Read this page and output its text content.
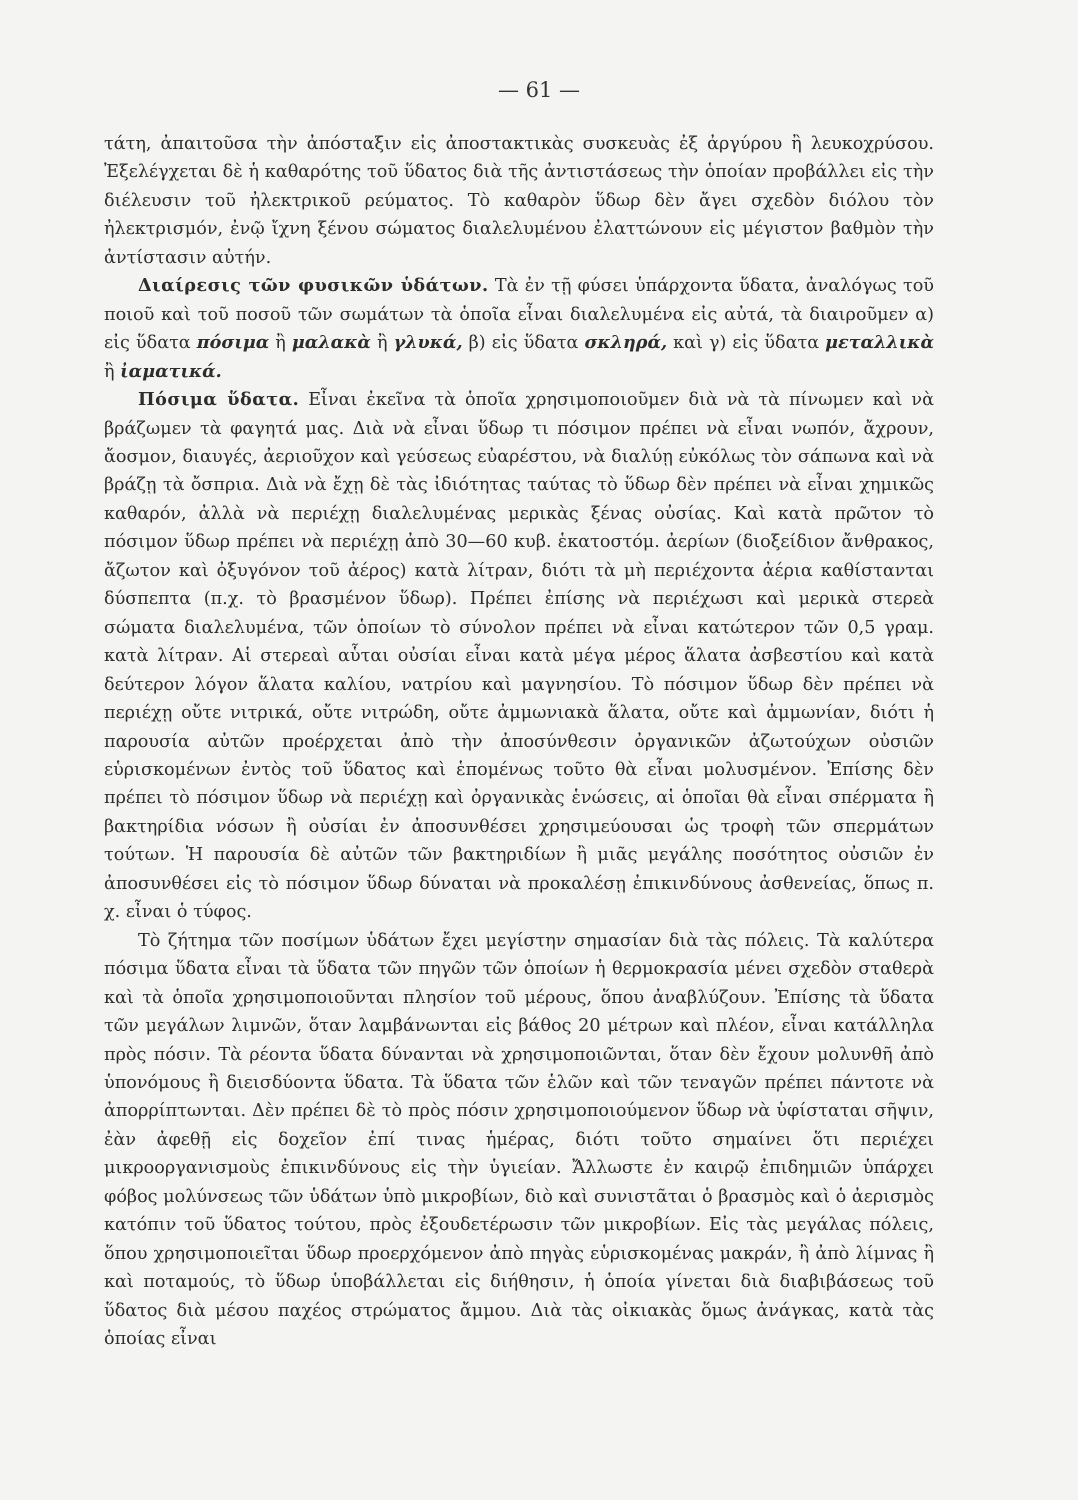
— 61 —

τάτη, ἀπαιτοῦσα τὴν ἀπόσταξιν εἰς ἀποστακτικὰς συσκευὰς ἐξ ἀργύρου ἢ λευκοχρύσου. Ἐξελέγχεται δὲ ἡ καθαρότης τοῦ ὕδατος διὰ τῆς ἀντιστάσεως τὴν ὁποίαν προβάλλει εἰς τὴν διέλευσιν τοῦ ἠλεκτρικοῦ ρεύματος. Τὸ καθαρὸν ὕδωρ δὲν ἄγει σχεδὸν διόλου τὸν ἠλεκτρισμόν, ἐνῷ ἴχνη ξένου σώματος διαλελυμένου ἐλαττώνουν εἰς μέγιστον βαθμὸν τὴν ἀντίστασιν αὐτήν.

Διαίρεσις τῶν φυσικῶν ὑδάτων. Τὰ ἐν τῇ φύσει ὑπάρχοντα ὕδατα, ἀναλόγως τοῦ ποιοῦ καὶ τοῦ ποσοῦ τῶν σωμάτων τὰ ὁποῖα εἶναι διαλελυμένα εἰς αὐτά, τὰ διαιροῦμεν α) εἰς ὕδατα πόσιμα ἢ μαλακὰ ἢ γλυκά, β) εἰς ὕδατα σκληρά, καὶ γ) εἰς ὕδατα μεταλλικὰ ἢ ἰαματικά.

Πόσιμα ὕδατα. Εἶναι ἐκεῖνα τὰ ὁποῖα χρησιμοποιοῦμεν διὰ νὰ τὰ πίνωμεν καὶ νὰ βράζωμεν τὰ φαγητά μας. Διὰ νὰ εἶναι ὕδωρ τι πόσιμον πρέπει νὰ εἶναι νωπόν, ἄχρουν, ἄοσμον, διαυγές, ἀεριοῦχον καὶ γεύσεως εὐαρέστου, νὰ διαλύῃ εὐκόλως τὸν σάπωνα καὶ νὰ βράζῃ τὰ ὄσπρια. Διὰ νὰ ἔχῃ δὲ τὰς ἰδιότητας ταύτας τὸ ὕδωρ δὲν πρέπει νὰ εἶναι χημικῶς καθαρόν, ἀλλὰ νὰ περιέχῃ διαλελυμένας μερικὰς ξένας οὐσίας. Καὶ κατὰ πρῶτον τὸ πόσιμον ὕδωρ πρέπει νὰ περιέχῃ ἀπὸ 30—60 κυβ. ἑκατοστόμ. ἀερίων (διοξείδιον ἄνθρακος, ἄζωτον καὶ ὀξυγόνον τοῦ ἀέρος) κατὰ λίτραν, διότι τὰ μὴ περιέχοντα ἀέρια καθίστανται δύσπεπτα (π.χ. τὸ βρασμένον ὕδωρ). Πρέπει ἐπίσης νὰ περιέχωσι καὶ μερικὰ στερεὰ σώματα διαλελυμένα, τῶν ὁποίων τὸ σύνολον πρέπει νὰ εἶναι κατώτερον τῶν 0,5 γραμ. κατὰ λίτραν. Αἱ στερεαὶ αὗται οὐσίαι εἶναι κατὰ μέγα μέρος ἅλατα ἀσβεστίου καὶ κατὰ δεύτερον λόγον ἅλατα καλίου, νατρίου καὶ μαγνησίου. Τὸ πόσιμον ὕδωρ δὲν πρέπει νὰ περιέχῃ οὔτε νιτρικά, οὔτε νιτρώδη, οὔτε ἀμμωνιακὰ ἅλατα, οὔτε καὶ ἀμμωνίαν, διότι ἡ παρουσία αὐτῶν προέρχεται ἀπὸ τὴν ἀποσύνθεσιν ὀργανικῶν ἀζωτούχων οὐσιῶν εὑρισκομένων ἐντὸς τοῦ ὕδατος καὶ ἑπομένως τοῦτο θὰ εἶναι μολυσμένον. Ἐπίσης δὲν πρέπει τὸ πόσιμον ὕδωρ νὰ περιέχῃ καὶ ὀργανικὰς ἑνώσεις, αἱ ὁποῖαι θὰ εἶναι σπέρματα ἢ βακτηρίδια νόσων ἢ οὐσίαι ἐν ἀποσυνθέσει χρησιμεύουσαι ὡς τροφὴ τῶν σπερμάτων τούτων. Ἡ παρουσία δὲ αὐτῶν τῶν βακτηριδίων ἢ μιᾶς μεγάλης ποσότητος οὐσιῶν ἐν ἀποσυνθέσει εἰς τὸ πόσιμον ὕδωρ δύναται νὰ προκαλέσῃ ἐπικινδύνους ἀσθενείας, ὅπως π. χ. εἶναι ὁ τύφος.

Τὸ ζήτημα τῶν ποσίμων ὑδάτων ἔχει μεγίστην σημασίαν διὰ τὰς πόλεις. Τὰ καλύτερα πόσιμα ὕδατα εἶναι τὰ ὕδατα τῶν πηγῶν τῶν ὁποίων ἡ θερμοκρασία μένει σχεδὸν σταθερὰ καὶ τὰ ὁποῖα χρησιμοποιοῦνται πλησίον τοῦ μέρους, ὅπου ἀναβλύζουν. Ἐπίσης τὰ ὕδατα τῶν μεγάλων λιμνῶν, ὅταν λαμβάνωνται εἰς βάθος 20 μέτρων καὶ πλέον, εἶναι κατάλληλα πρὸς πόσιν. Τὰ ρέοντα ὕδατα δύνανται νὰ χρησιμοποιῶνται, ὅταν δὲν ἔχουν μολυνθῆ ἀπὸ ὑπονόμους ἢ διεισδύοντα ὕδατα. Τὰ ὕδατα τῶν ἑλῶν καὶ τῶν τεναγῶν πρέπει πάντοτε νὰ ἀπορρίπτωνται. Δὲν πρέπει δὲ τὸ πρὸς πόσιν χρησιμοποιούμενον ὕδωρ νὰ ὑφίσταται σῆψιν, ἐὰν ἀφεθῇ εἰς δοχεῖον ἐπί τινας ἡμέρας, διότι τοῦτο σημαίνει ὅτι περιέχει μικροοργανισμοὺς ἐπικινδύνους εἰς τὴν ὑγιείαν. Ἄλλωστε ἐν καιρῷ ἐπιδημιῶν ὑπάρχει φόβος μολύνσεως τῶν ὑδάτων ὑπὸ μικροβίων, διὸ καὶ συνιστᾶται ὁ βρασμὸς καὶ ὁ ἀερισμὸς κατόπιν τοῦ ὕδατος τούτου, πρὸς ἐξουδετέρωσιν τῶν μικροβίων. Εἰς τὰς μεγάλας πόλεις, ὅπου χρησιμοποιεῖται ὕδωρ προερχόμενον ἀπὸ πηγὰς εὑρισκομένας μακράν, ἢ ἀπὸ λίμνας ἢ καὶ ποταμούς, τὸ ὕδωρ ὑποβάλλεται εἰς διήθησιν, ἡ ὁποία γίνεται διὰ διαβιβάσεως τοῦ ὕδατος διὰ μέσου παχέος στρώματος ἄμμου. Διὰ τὰς οἰκιακὰς ὅμως ἀνάγκας, κατὰ τὰς ὁποίας εἶναι
